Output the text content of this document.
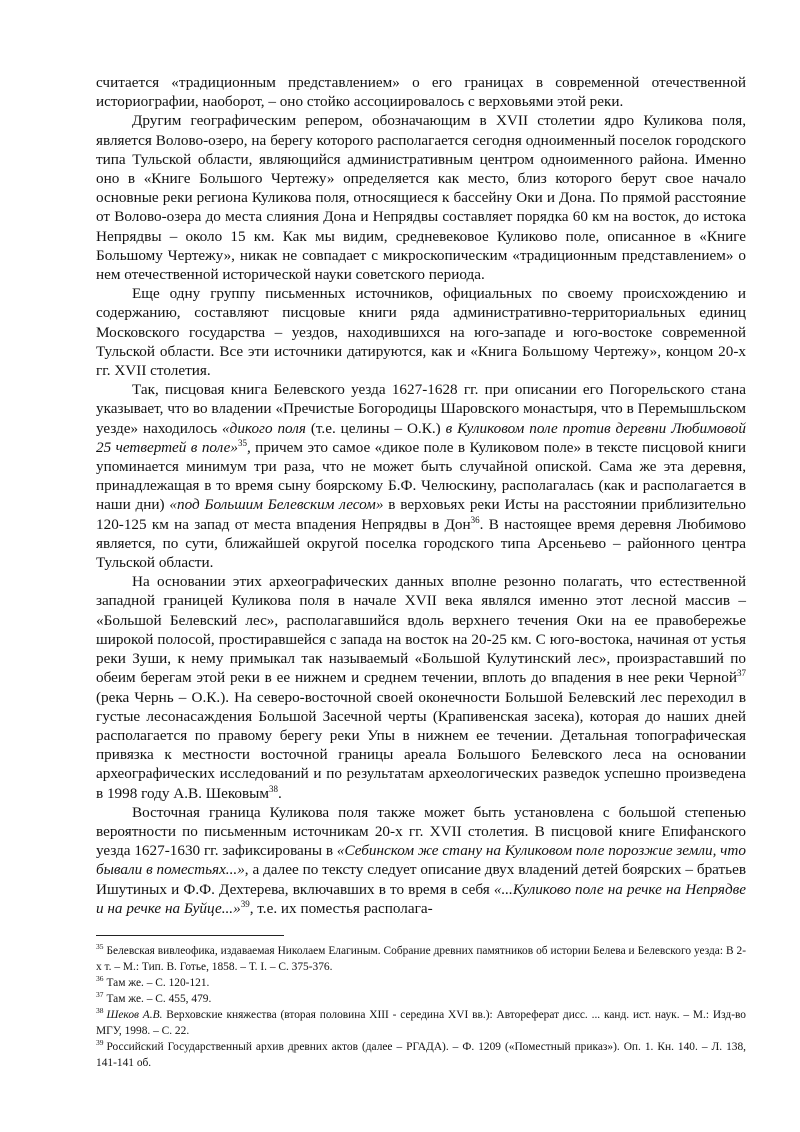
считается «традиционным представлением» о его границах в современной отечественной историографии, наоборот, – оно стойко ассоциировалось с верховьями этой реки.

Другим географическим репером, обозначающим в XVII столетии ядро Куликова поля, является Волово-озеро, на берегу которого располагается сегодня одноименный поселок городского типа Тульской области, являющийся административным центром одноименного района. Именно оно в «Книге Большого Чертежу» определяется как место, близ которого берут свое начало основные реки региона Куликова поля, относящиеся к бассейну Оки и Дона. По прямой расстояние от Волово-озера до места слияния Дона и Непрядвы составляет порядка 60 км на восток, до истока Непрядвы – около 15 км. Как мы видим, средневековое Куликово поле, описанное в «Книге Большому Чертежу», никак не совпадает с микроскопическим «традиционным представлением» о нем отечественной исторической науки советского периода.

Еще одну группу письменных источников, официальных по своему происхождению и содержанию, составляют писцовые книги ряда административно-территориальных единиц Московского государства – уездов, находившихся на юго-западе и юго-востоке современной Тульской области. Все эти источники датируются, как и «Книга Большому Чертежу», концом 20-х гг. XVII столетия.

Так, писцовая книга Белевского уезда 1627-1628 гг. при описании его Погорельского стана указывает, что во владении «Пречистые Богородицы Шаровского монастыря, что в Перемышльском уезде» находилось «дикого поля (т.е. целины – О.К.) в Куликовом поле против деревни Любимовой 25 четвертей в поле»$^{35}$, причем это самое «дикое поле в Куликовом поле» в тексте писцовой книги упоминается минимум три раза, что не может быть случайной опиской. Сама же эта деревня, принадлежащая в то время сыну боярскому Б.Ф. Челюскину, располагалась (как и располагается в наши дни) «под Большим Белевским лесом» в верховьях реки Исты на расстоянии приблизительно 120-125 км на запад от места впадения Непрядвы в Дон$^{36}$. В настоящее время деревня Любимово является, по сути, ближайшей округой поселка городского типа Арсеньево – районного центра Тульской области.

На основании этих археографических данных вполне резонно полагать, что естественной западной границей Куликова поля в начале XVII века являлся именно этот лесной массив – «Большой Белевский лес», располагавшийся вдоль верхнего течения Оки на ее правобережье широкой полосой, простиравшейся с запада на восток на 20-25 км. С юго-востока, начиная от устья реки Зуши, к нему примыкал так называемый «Большой Кулутинский лес», произраставший по обеим берегам этой реки в ее нижнем и среднем течении, вплоть до впадения в нее реки Черной$^{37}$ (река Чернь – О.К.). На северо-восточной своей оконечности Большой Белевский лес переходил в густые лесонасаждения Большой Засечной черты (Крапивенская засека), которая до наших дней располагается по правому берегу реки Упы в нижнем ее течении. Детальная топографическая привязка к местности восточной границы ареала Большого Белевского леса на основании археографических исследований и по результатам археологических разведок успешно произведена в 1998 году А.В. Шековым$^{38}$.

Восточная граница Куликова поля также может быть установлена с большой степенью вероятности по письменным источникам 20-х гг. XVII столетия. В писцовой книге Епифанского уезда 1627-1630 гг. зафиксированы в «Себинском же стану на Куликовом поле порозжие земли, что бывали в поместьях...», а далее по тексту следует описание двух владений детей боярских – братьев Ишутиных и Ф.Ф. Дехтерева, включавших в то время в себя «...Куликово поле на речке на Непрядве и на речке на Буйце...»$^{39}$, т.е. их поместья располага-

$^{35}$ Белевская вивлеофика, издаваемая Николаем Елагиным. Собрание древних памятников об истории Белева и Белевского уезда: В 2-х т. – М.: Тип. В. Готье, 1858. – Т. I. – С. 375-376.

$^{36}$ Там же. – С. 120-121.

$^{37}$ Там же. – С. 455, 479.

$^{38}$ Шеков А.В. Верховские княжества (вторая половина XIII - середина XVI вв.): Автореферат дисс. ... канд. ист. наук. – М.: Изд-во МГУ, 1998. – С. 22.

$^{39}$ Российский Государственный архив древних актов (далее – РГАДА). – Ф. 1209 («Поместный приказ»). Оп. 1. Кн. 140. – Л. 138, 141-141 об.
